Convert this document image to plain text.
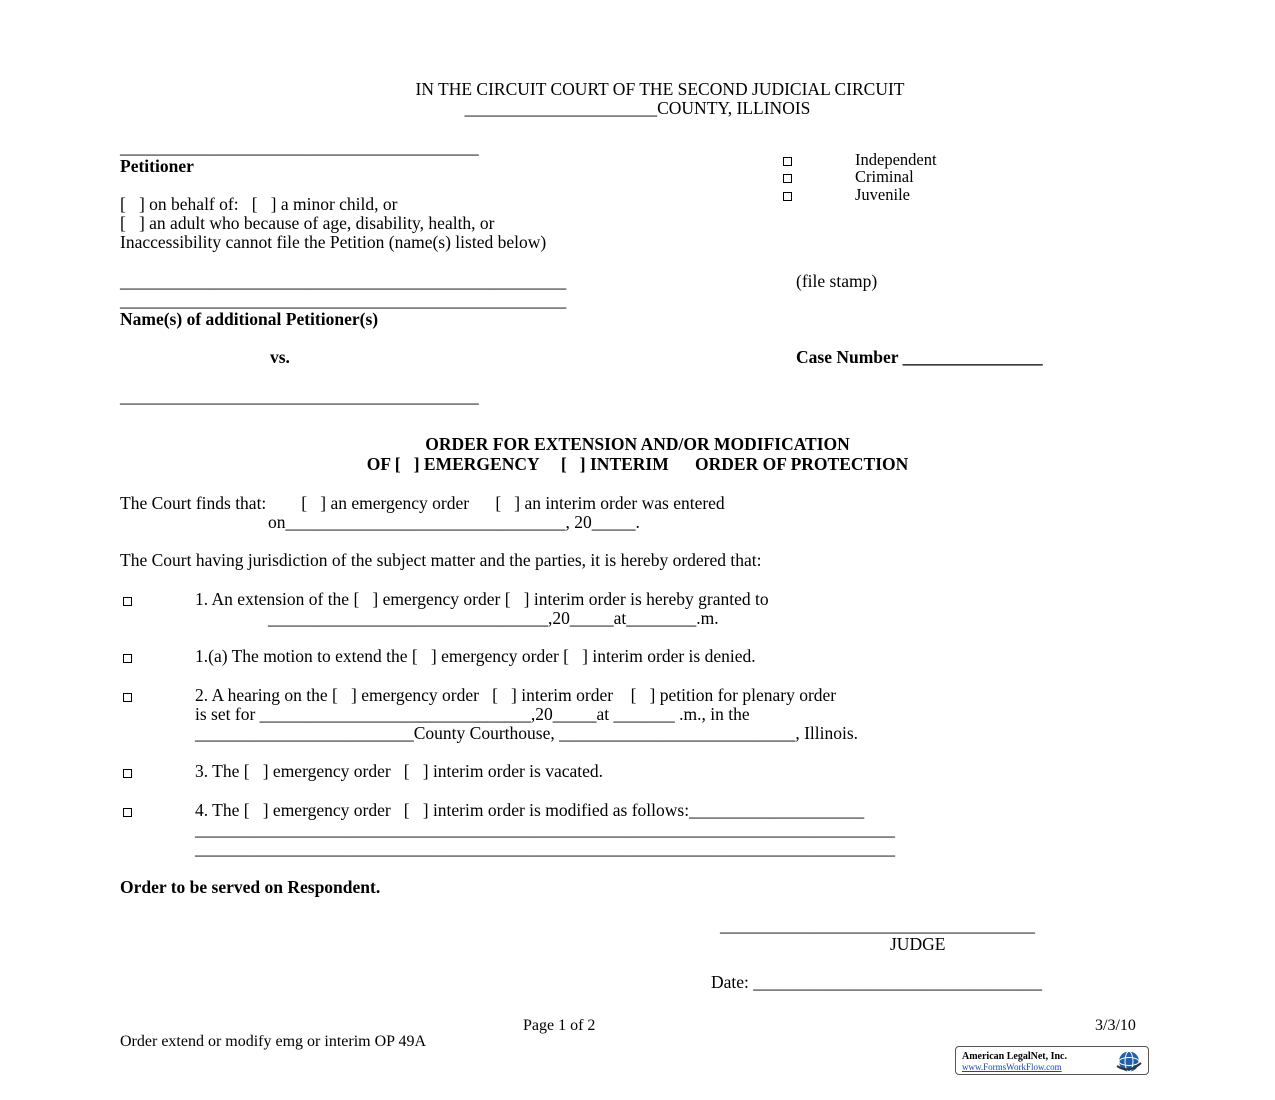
IN THE CIRCUIT COURT OF THE SECOND JUDICIAL CIRCUIT
______________________COUNTY, ILLINOIS
_________________________________________
Petitioner
[   ] on behalf of:   [   ] a minor child, or
[   ] an adult who because of age, disability, health, or
Inaccessibility cannot file the Petition (name(s) listed below)
___________________________________________________
___________________________________________________
Name(s) of additional Petitioner(s)
vs.
_________________________________________
Independent
Criminal
Juvenile
(file stamp)
Case Number ________________
ORDER FOR EXTENSION AND/OR MODIFICATION
OF [   ] EMERGENCY     [   ] INTERIM      ORDER OF PROTECTION
The Court finds that:        [   ] an emergency order      [   ] an interim order was entered
on________________________________, 20_____.
The Court having jurisdiction of the subject matter and the parties, it is hereby ordered that:
1. An extension of the [   ] emergency order [   ] interim order is hereby granted to
________________________________,20_____at________.m.
1.(a) The motion to extend the [   ] emergency order [   ] interim order is denied.
2. A hearing on the [   ] emergency order   [   ] interim order    [   ] petition for plenary order
is set for _______________________________,20_____at _______ .m., in the
_________________________County Courthouse, ___________________________, Illinois.
3. The [   ] emergency order   [   ] interim order is vacated.
4. The [   ] emergency order   [   ] interim order is modified as follows:____________________
________________________________________________________________________________
________________________________________________________________________________
Order to be served on Respondent.
____________________________________
JUDGE
Date: _________________________________
Page 1 of 2	3/3/10
Order extend or modify emg or interim OP 49A
American LegalNet, Inc.
www.FormsWorkFlow.com
